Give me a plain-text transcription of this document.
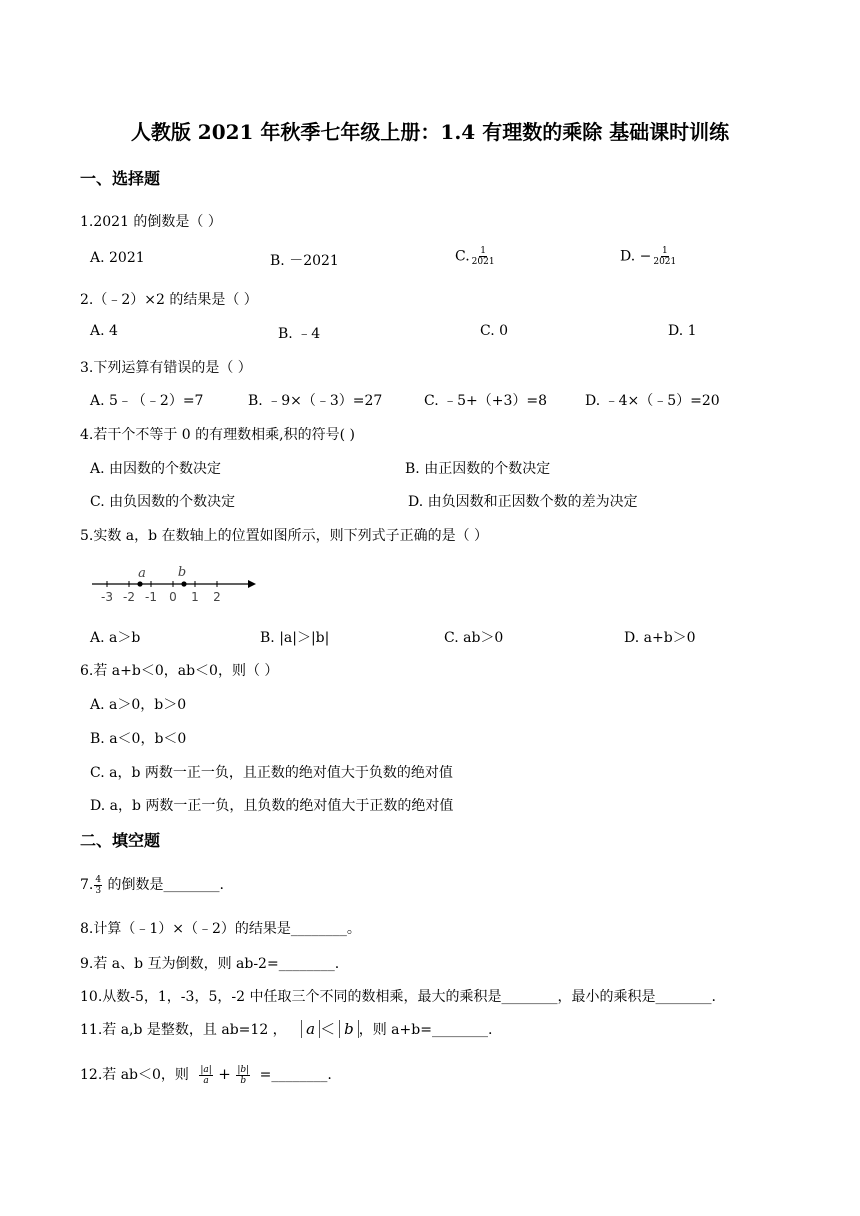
人教版 2021 年秋季七年级上册：1.4 有理数的乘除 基础课时训练
一、选择题
1.2021 的倒数是（ ）
A. 2021	B. －2021	C. $\frac{1}{2021}$	D. − $\frac{1}{2021}$
2.（﹣2）×2 的结果是（ ）
A. 4	B. ﹣4	C. 0	D. 1
3.下列运算有错误的是（ ）
A. 5﹣（﹣2）=7	B. ﹣9×（﹣3）=27	C. ﹣5+（+3）=8	D. ﹣4×（﹣5）=20
4.若干个不等于 0 的有理数相乘,积的符号( )
A. 由因数的个数决定	B. 由正因数的个数决定
C. 由负因数的个数决定	D. 由负因数和正因数个数的差为决定
5.实数 a，b 在数轴上的位置如图所示，则下列式子正确的是（ ）
-3 -2 -1 0 1 2
a b
A. a＞b	B. |a|＞|b|	C. ab＞0	D. a+b＞0
6.若 a+b＜0，ab＜0，则（ ）
A. a＞0，b＞0
B. a＜0，b＜0
C. a，b 两数一正一负，且正数的绝对值大于负数的绝对值
D. a，b 两数一正一负，且负数的绝对值大于正数的绝对值
二、填空题
7. $\frac{4}{3}$ 的倒数是________.
8.计算（﹣1）×（﹣2）的结果是________。
9.若 a、b 互为倒数，则 ab-2=________.
10.从数-5，1，-3，5，-2 中任取三个不同的数相乘，最大的乘积是________，最小的乘积是________.
11.若 a,b 是整数，且 ab=12 ， a ＜ b ，则 a+b=________.
12.若 ab＜0，则 $\frac{|a|}{a} + \frac{|b|}{b}$ =________.
